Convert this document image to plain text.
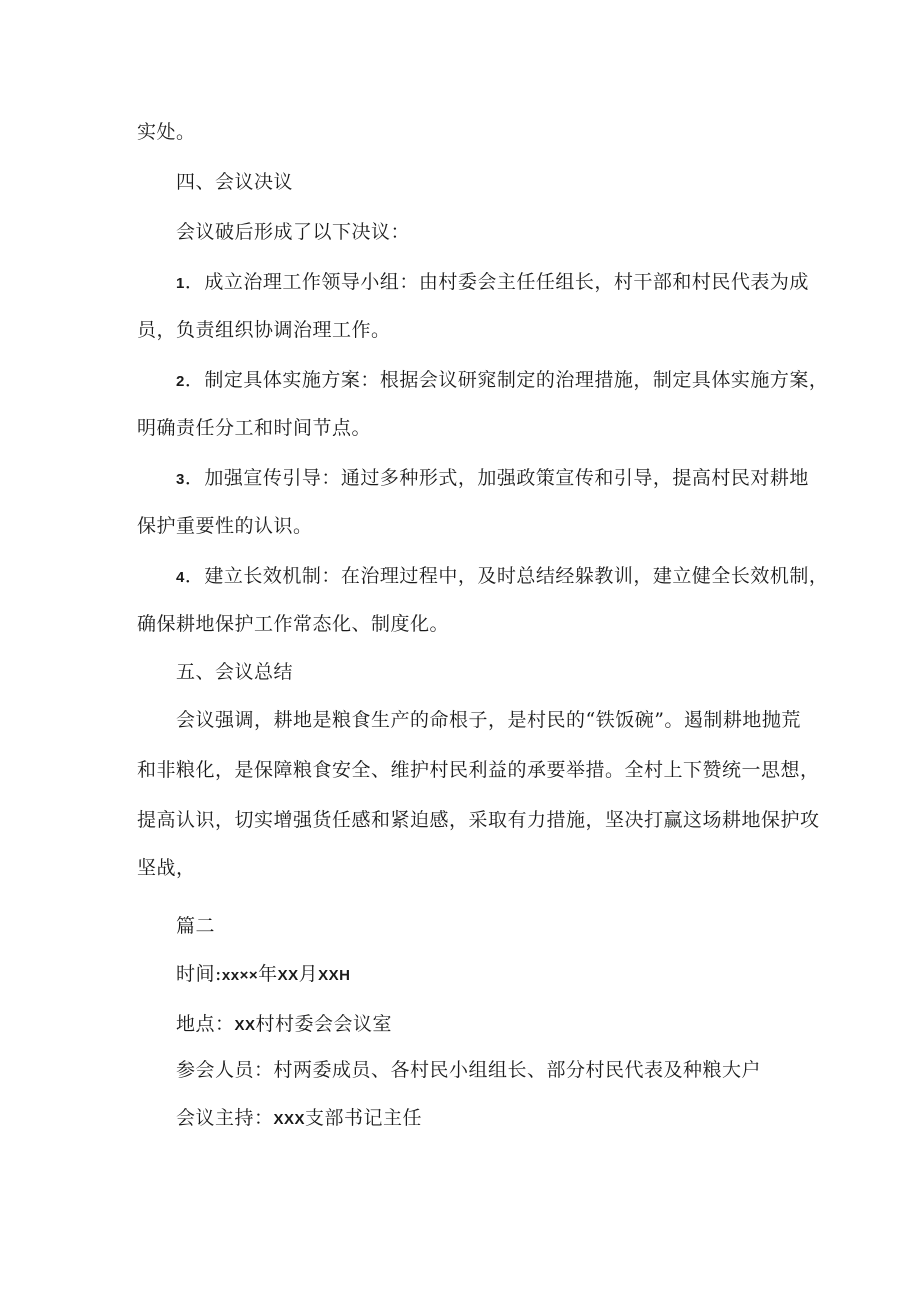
实处。
四、会议决议
会议破后形成了以下决议：
1．成立治理工作领导小组：由村委会主任任组长，村干部和村民代表为成
员，负责组织协调治理工作。
2．制定具体实施方案：根据会议研窕制定的治理措施，制定具体实施方案，
明确责任分工和时间节点。
3．加强宣传引导：通过多种形式，加强政策宣传和引导，提高村民对耕地
保护重要性的认识。
4．建立长效机制：在治理过程中，及时总结经躲教训，建立健全长效机制，
确保耕地保护工作常态化、制度化。
五、会议总结
会议强调，耕地是粮食生产的命根子，是村民的“铁饭碗”。遏制耕地抛荒
和非粮化，是保障粮食安全、维护村民利益的承要举措。全村上下赞统一思想，
提高认识，切实增强货任感和紧迫感，采取有力措施，坚决打赢这场耕地保护攻
坚战，
篇二
时间:xx××年XX月XXH
地点：XX村村委会会议室
参会人员：村两委成员、各村民小组组长、部分村民代表及种粮大户
会议主持：XXX支部书记主任
